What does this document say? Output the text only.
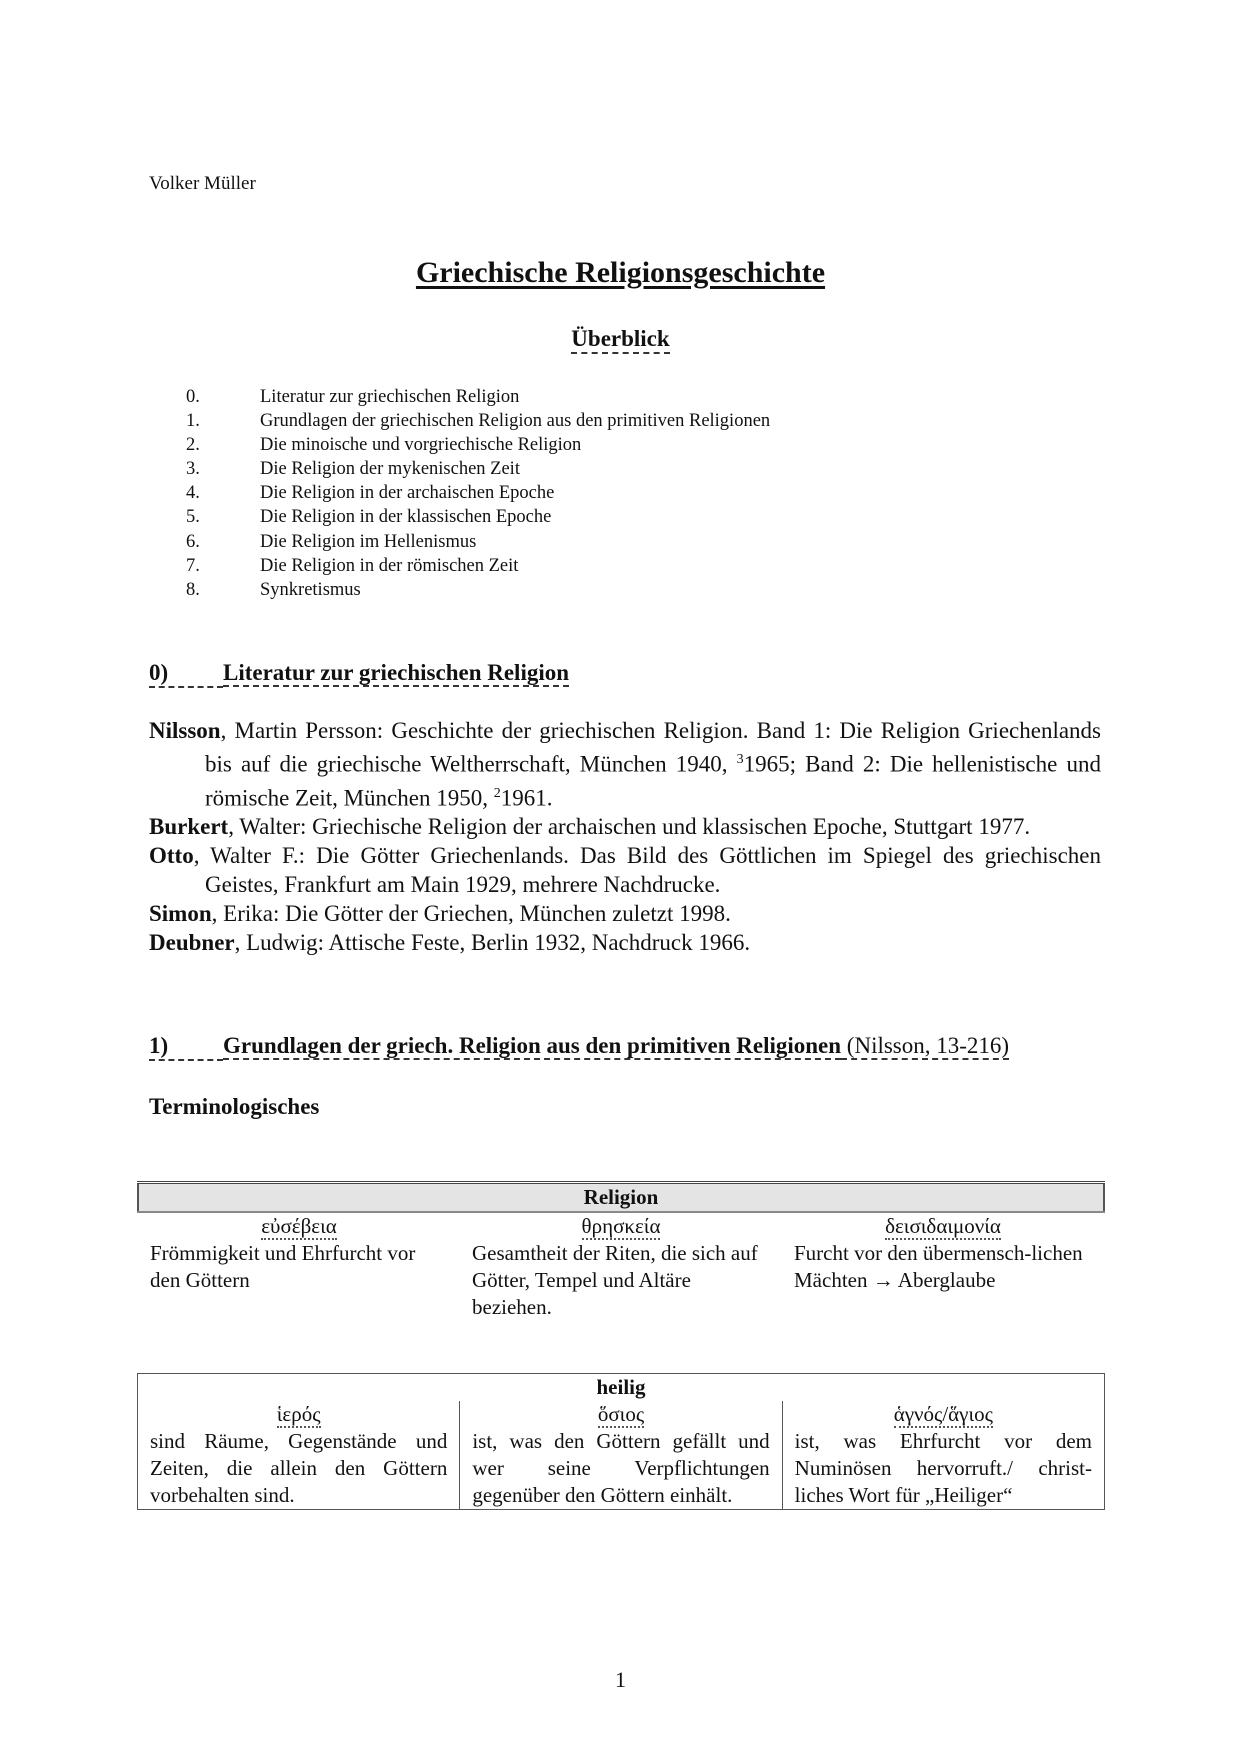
Volker Müller
Griechische Religionsgeschichte
Überblick
0.	Literatur zur griechischen Religion
1.	Grundlagen der griechischen Religion aus den primitiven Religionen
2.	Die minoische und vorgriechische Religion
3.	Die Religion der mykenischen Zeit
4.	Die Religion in der archaischen Epoche
5.	Die Religion in der klassischen Epoche
6.	Die Religion im Hellenismus
7.	Die Religion in der römischen Zeit
8.	Synkretismus
0) Literatur zur griechischen Religion
Nilsson, Martin Persson: Geschichte der griechischen Religion. Band 1: Die Religion Griechenlands bis auf die griechische Weltherrschaft, München 1940, $^3$1965; Band 2: Die hellenistische und römische Zeit, München 1950, $^2$1961.
Burkert, Walter: Griechische Religion der archaischen und klassischen Epoche, Stuttgart 1977.
Otto, Walter F.: Die Götter Griechenlands. Das Bild des Göttlichen im Spiegel des griechischen Geistes, Frankfurt am Main 1929, mehrere Nachdrucke.
Simon, Erika: Die Götter der Griechen, München zuletzt 1998.
Deubner, Ludwig: Attische Feste, Berlin 1932, Nachdruck 1966.
1) Grundlagen der griech. Religion aus den primitiven Religionen (Nilsson, 13-216)
Terminologisches
Religion		
εὐσέβεια	θρησκεία	δεισιδαιμονία
Frömmigkeit und Ehrfurcht vor den Göttern	Gesamtheit der Riten, die sich auf Götter, Tempel und Altäre beziehen.	Furcht vor den übermensch-lichen Mächten → Aberglaube
heilig		
ἱερός	ὅσιος	ἁγνός/ἅγιος
sind Räume, Gegenstände und Zeiten, die allein den Göttern vorbehalten sind.	ist, was den Göttern gefällt und wer seine Verpflichtungen gegenüber den Göttern einhält.	ist, was Ehrfurcht vor dem Numinösen hervorruft./ christ-liches Wort für „Heiliger“
1
